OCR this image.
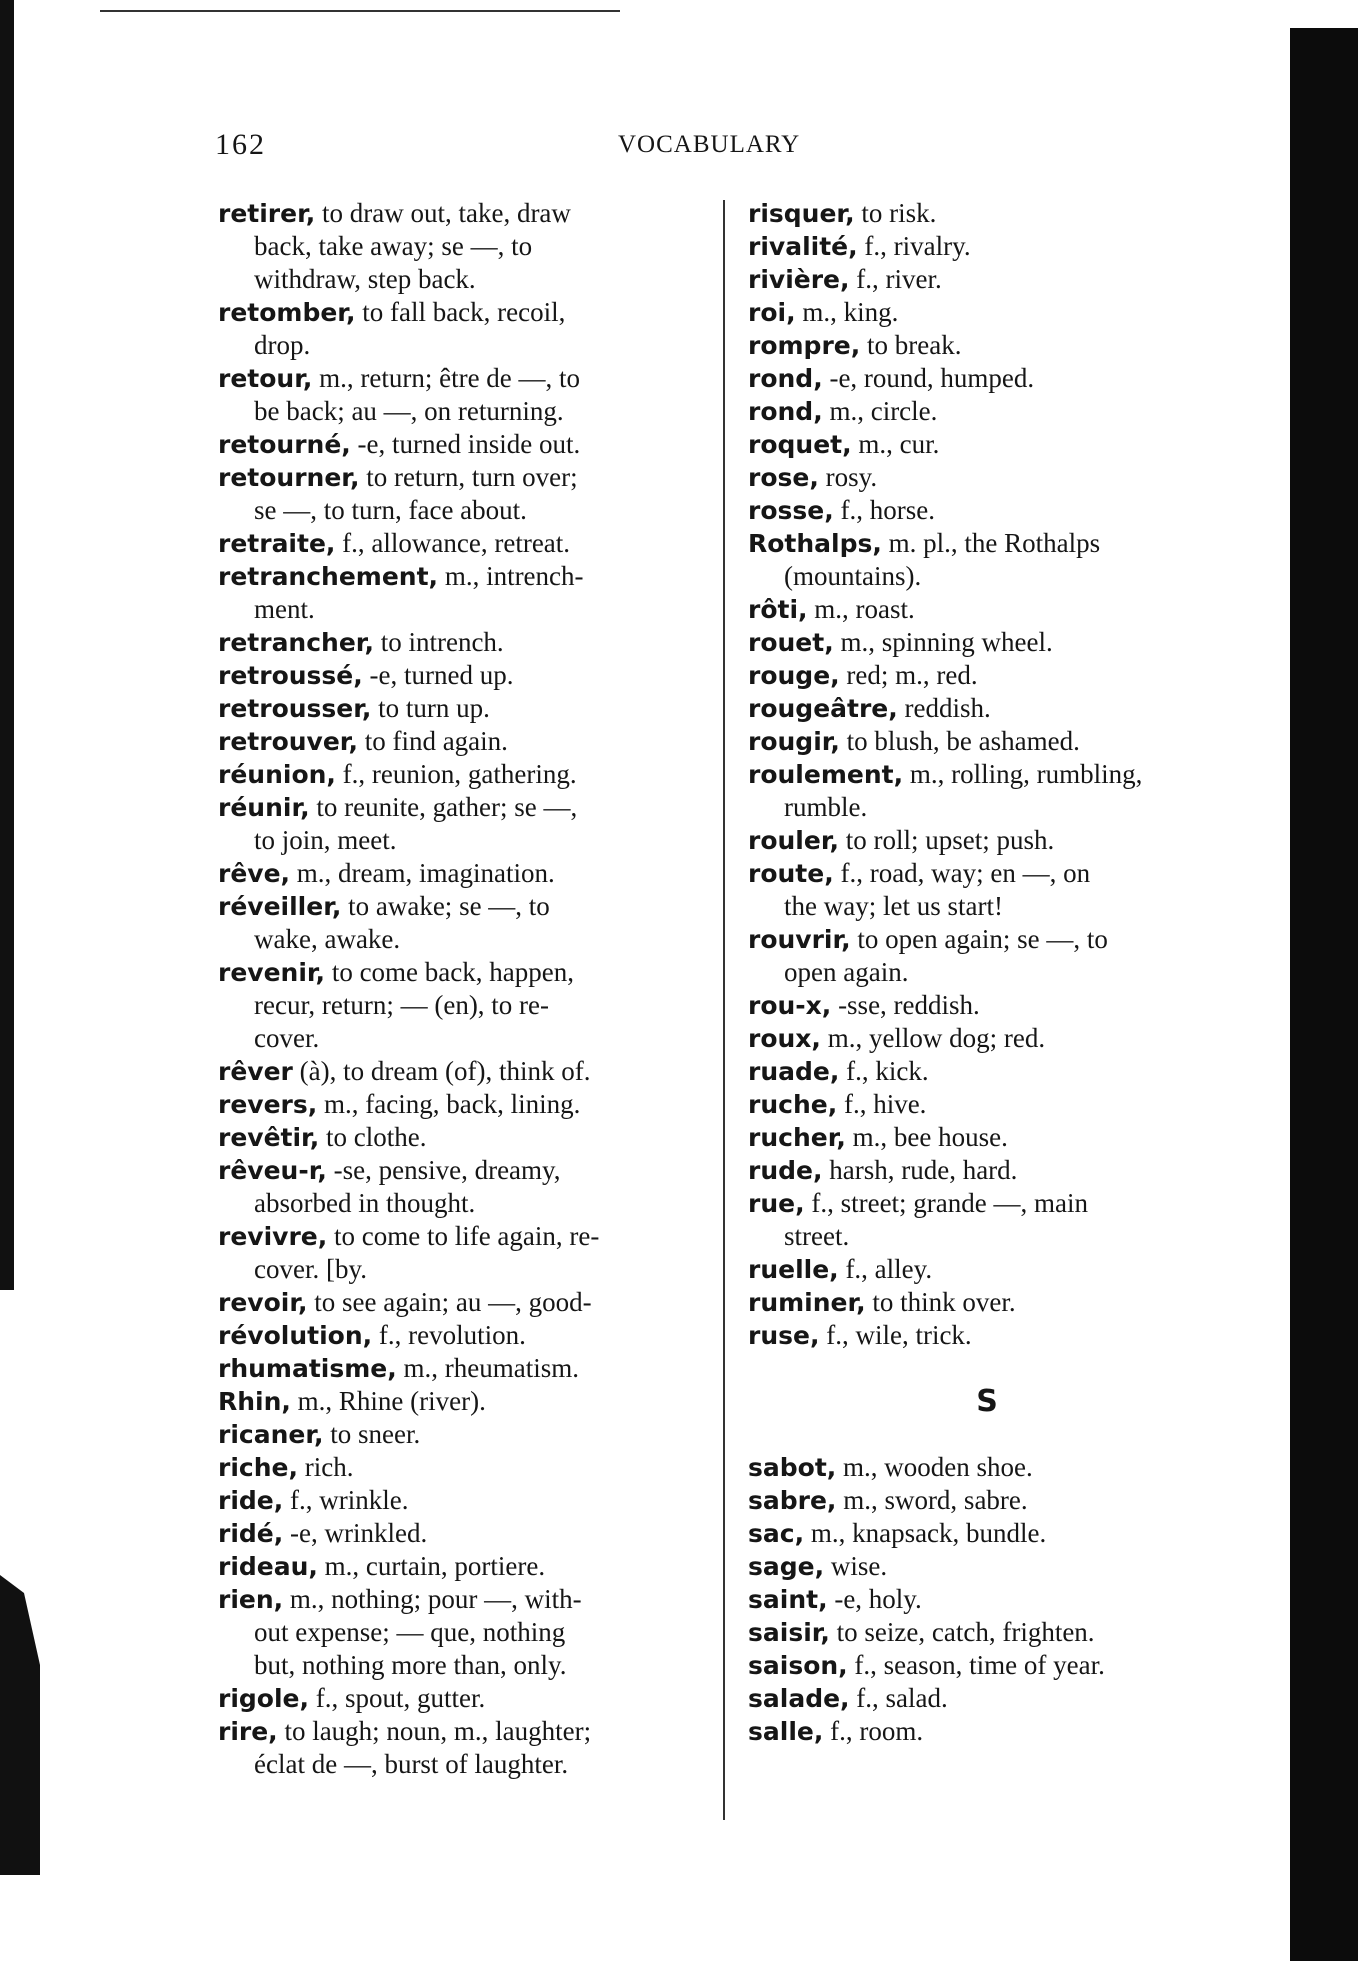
162	VOCABULARY
retirer, to draw out, take, draw
back, take away; se —, to
withdraw, step back.
retomber, to fall back, recoil,
drop.
retour, m., return; être de —, to
be back; au —, on returning.
retourné, -e, turned inside out.
retourner, to return, turn over;
se —, to turn, face about.
retraite, f., allowance, retreat.
retranchement, m., intrench-
ment.
retrancher, to intrench.
retroussé, -e, turned up.
retrousser, to turn up.
retrouver, to find again.
réunion, f., reunion, gathering.
réunir, to reunite, gather; se —,
to join, meet.
rêve, m., dream, imagination.
réveiller, to awake; se —, to
wake, awake.
revenir, to come back, happen,
recur, return; — (en), to re-
cover.
rêver (à), to dream (of), think of.
revers, m., facing, back, lining.
revêtir, to clothe.
rêveu-r, -se, pensive, dreamy,
absorbed in thought.
revivre, to come to life again, re-
cover. [by.
revoir, to see again; au —, good-
révolution, f., revolution.
rhumatisme, m., rheumatism.
Rhin, m., Rhine (river).
ricaner, to sneer.
riche, rich.
ride, f., wrinkle.
ridé, -e, wrinkled.
rideau, m., curtain, portiere.
rien, m., nothing; pour —, with-
out expense; — que, nothing
but, nothing more than, only.
rigole, f., spout, gutter.
rire, to laugh; noun, m., laughter;
éclat de —, burst of laughter.
risquer, to risk.
rivalité, f., rivalry.
rivière, f., river.
roi, m., king.
rompre, to break.
rond, -e, round, humped.
rond, m., circle.
roquet, m., cur.
rose, rosy.
rosse, f., horse.
Rothalps, m. pl., the Rothalps
(mountains).
rôti, m., roast.
rouet, m., spinning wheel.
rouge, red; m., red.
rougeâtre, reddish.
rougir, to blush, be ashamed.
roulement, m., rolling, rumbling,
rumble.
rouler, to roll; upset; push.
route, f., road, way; en —, on
the way; let us start!
rouvrir, to open again; se —, to
open again.
rou-x, -sse, reddish.
roux, m., yellow dog; red.
ruade, f., kick.
ruche, f., hive.
rucher, m., bee house.
rude, harsh, rude, hard.
rue, f., street; grande —, main
street.
ruelle, f., alley.
ruminer, to think over.
ruse, f., wile, trick.
S
sabot, m., wooden shoe.
sabre, m., sword, sabre.
sac, m., knapsack, bundle.
sage, wise.
saint, -e, holy.
saisir, to seize, catch, frighten.
saison, f., season, time of year.
salade, f., salad.
salle, f., room.
